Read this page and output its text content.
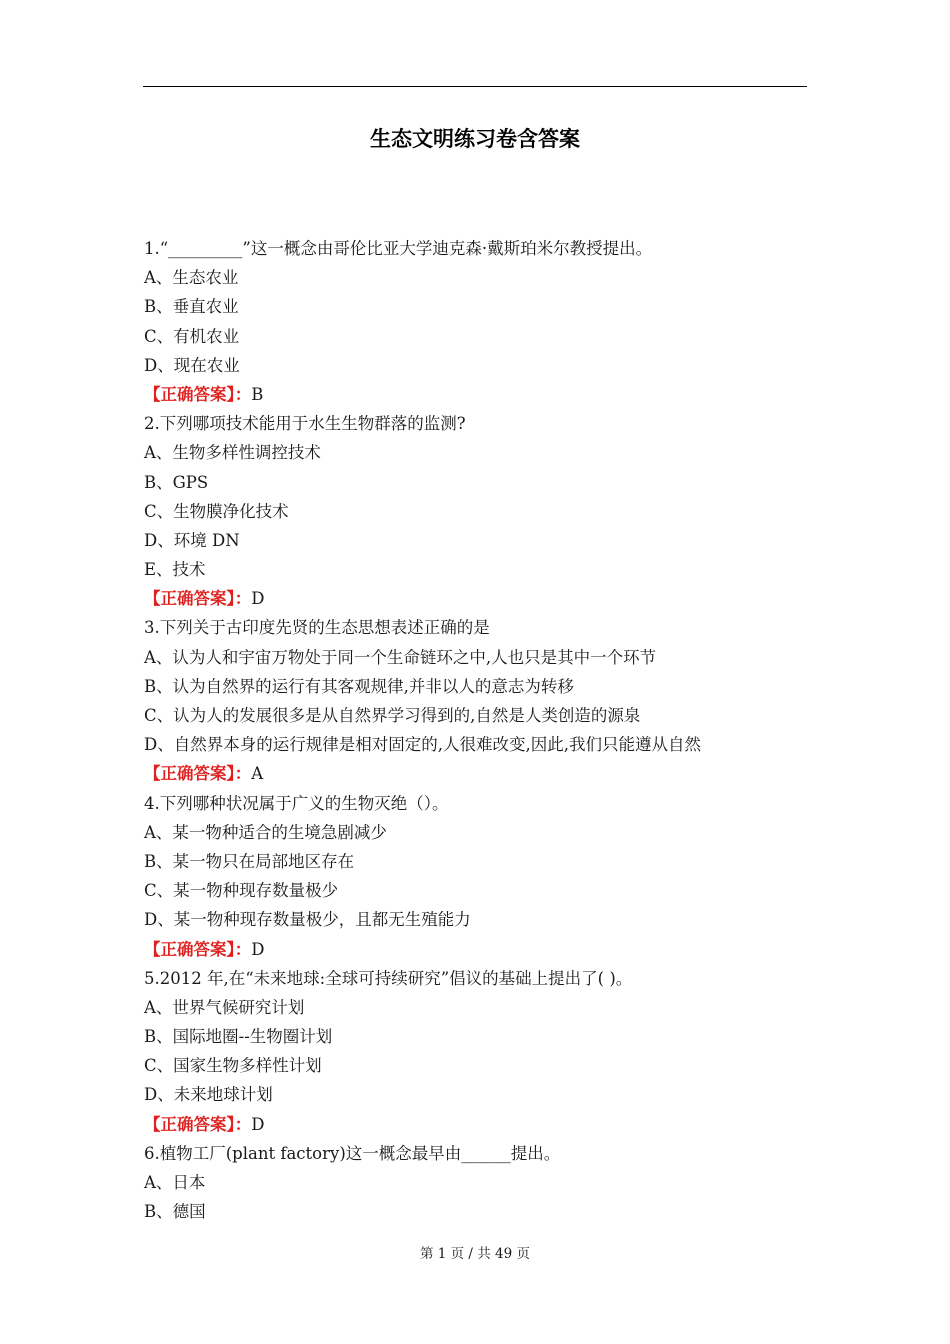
生态文明练习卷含答案
1.“_________”这一概念由哥伦比亚大学迪克森·戴斯珀米尔教授提出。
A、生态农业
B、垂直农业
C、有机农业
D、现在农业
【正确答案】：B
2.下列哪项技术能用于水生生物群落的监测?
A、生物多样性调控技术
B、GPS
C、生物膜净化技术
D、环境 DN
E、技术
【正确答案】：D
3.下列关于古印度先贤的生态思想表述正确的是
A、认为人和宇宙万物处于同一个生命链环之中,人也只是其中一个环节
B、认为自然界的运行有其客观规律,并非以人的意志为转移
C、认为人的发展很多是从自然界学习得到的,自然是人类创造的源泉
D、自然界本身的运行规律是相对固定的,人很难改变,因此,我们只能遵从自然
【正确答案】：A
4.下列哪种状况属于广义的生物灭绝（）。
A、某一物种适合的生境急剧减少
B、某一物只在局部地区存在
C、某一物种现存数量极少
D、某一物种现存数量极少，且都无生殖能力
【正确答案】：D
5.2012 年,在“未来地球:全球可持续研究”倡议的基础上提出了( )。
A、世界气候研究计划
B、国际地圈--生物圈计划
C、国家生物多样性计划
D、未来地球计划
【正确答案】：D
6.植物工厂(plant factory)这一概念最早由______提出。
A、日本
B、德国
第 1 页 / 共 49 页
